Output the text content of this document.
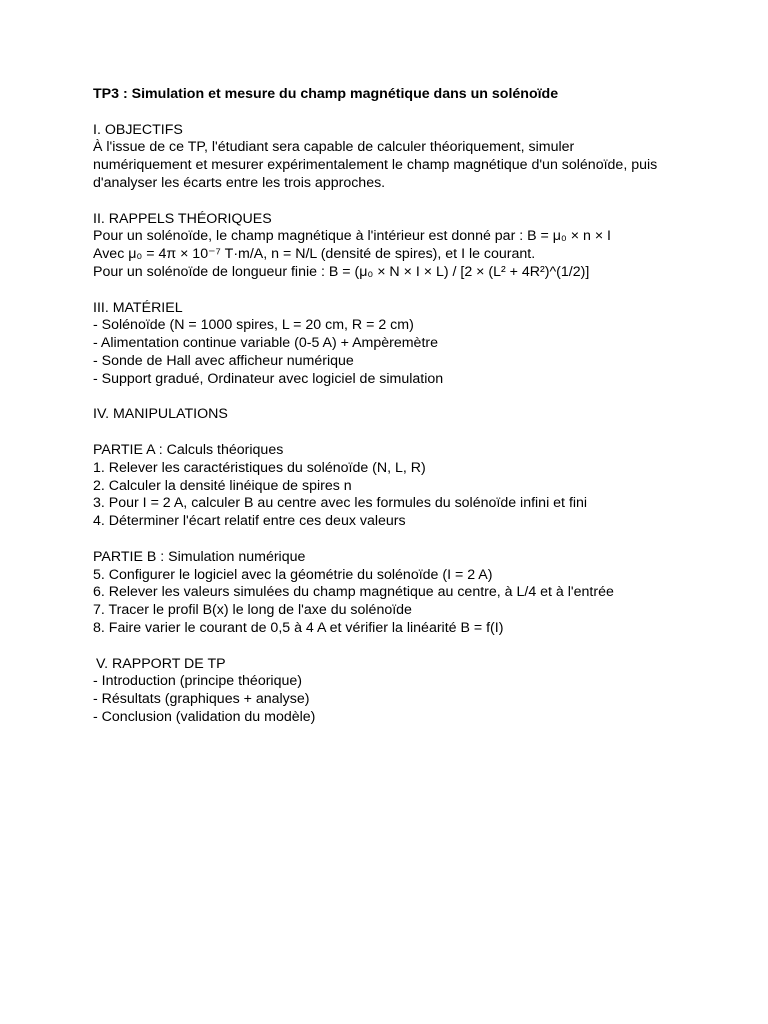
TP3 : Simulation et mesure du champ magnétique dans un solénoïde
I. OBJECTIFS
À l'issue de ce TP, l'étudiant sera capable de calculer théoriquement, simuler
numériquement et mesurer expérimentalement le champ magnétique d'un solénoïde, puis
d'analyser les écarts entre les trois approches.
II. RAPPELS THÉORIQUES
Pour un solénoïde, le champ magnétique à l'intérieur est donné par : B = μ₀ × n × I
Avec μ₀ = 4π × 10⁻⁷ T·m/A, n = N/L (densité de spires), et I le courant.
Pour un solénoïde de longueur finie : B = (μ₀ × N × I × L) / [2 × (L² + 4R²)^(1/2)]
III. MATÉRIEL
- Solénoïde (N = 1000 spires, L = 20 cm, R = 2 cm)
- Alimentation continue variable (0-5 A) + Ampèremètre
- Sonde de Hall avec afficheur numérique
- Support gradué, Ordinateur avec logiciel de simulation
IV. MANIPULATIONS
PARTIE A : Calculs théoriques
1. Relever les caractéristiques du solénoïde (N, L, R)
2. Calculer la densité linéique de spires n
3. Pour I = 2 A, calculer B au centre avec les formules du solénoïde infini et fini
4. Déterminer l'écart relatif entre ces deux valeurs
PARTIE B : Simulation numérique
5. Configurer le logiciel avec la géométrie du solénoïde (I = 2 A)
6. Relever les valeurs simulées du champ magnétique au centre, à L/4 et à l'entrée
7. Tracer le profil B(x) le long de l'axe du solénoïde
8. Faire varier le courant de 0,5 à 4 A et vérifier la linéarité B = f(I)
V. RAPPORT DE TP
- Introduction (principe théorique)
- Résultats (graphiques + analyse)
- Conclusion (validation du modèle)
